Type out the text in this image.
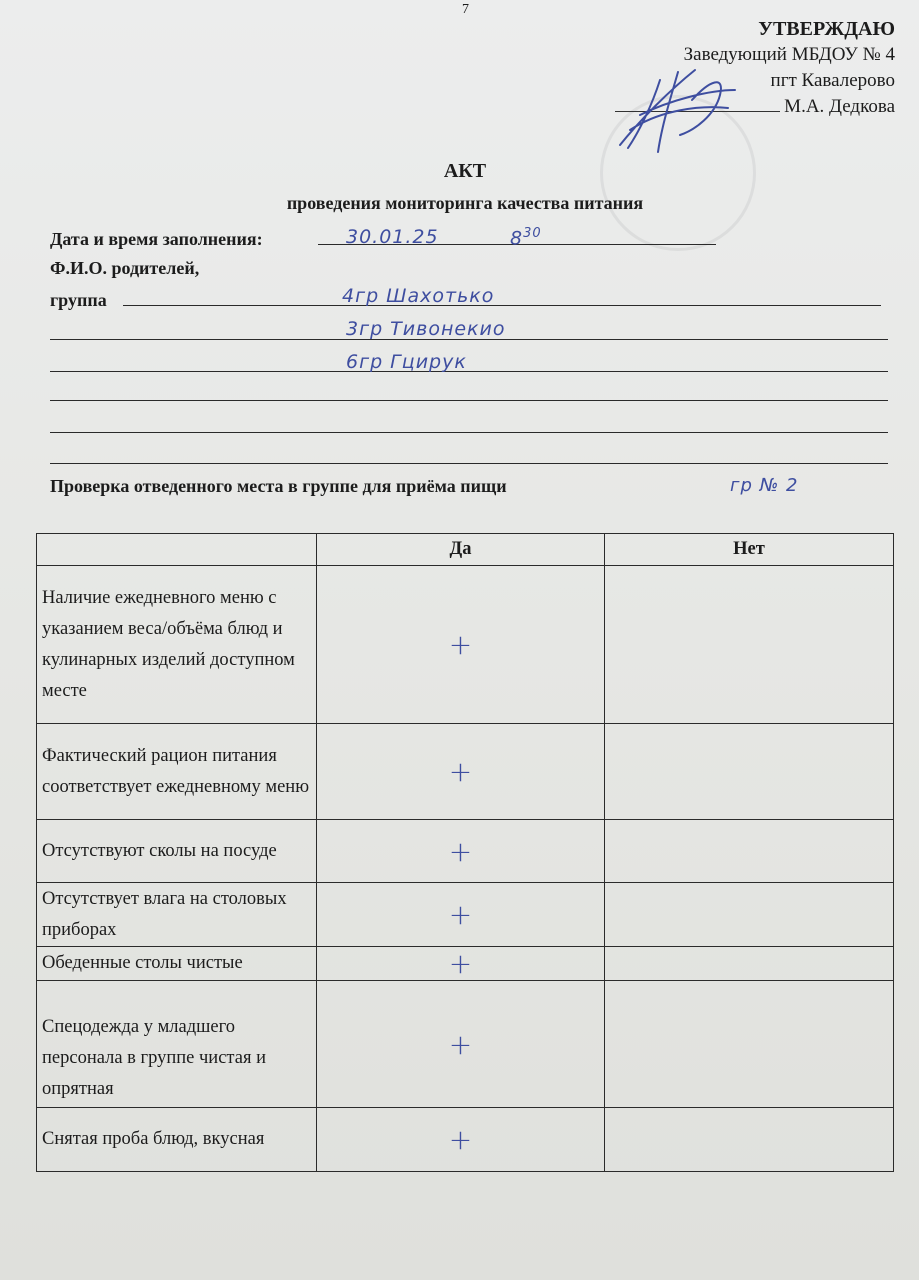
7
УТВЕРЖДАЮ
Заведующий МБДОУ № 4
пгт Кавалерово
М.А. Дедкова
АКТ
проведения мониторинга качества питания
Дата и время заполнения:	30.01.25	$8^{30}$
Ф.И.О. родителей,
группа	4гр Шахотько
3гр Тивонекио
6гр Гцирук
Проверка отведенного места в группе для приёма пищи	гр № 2
	Да	Нет
Наличие ежедневного меню с указанием веса/объёма блюд и кулинарных изделий доступном месте	+	
Фактический рацион питания соответствует ежедневному меню	+	
Отсутствуют сколы на посуде	+	
Отсутствует влага на столовых приборах	+	
Обеденные столы чистые	+	
Спецодежда у младшего персонала в группе чистая и опрятная	+	
Снятая проба блюд, вкусная	+	
